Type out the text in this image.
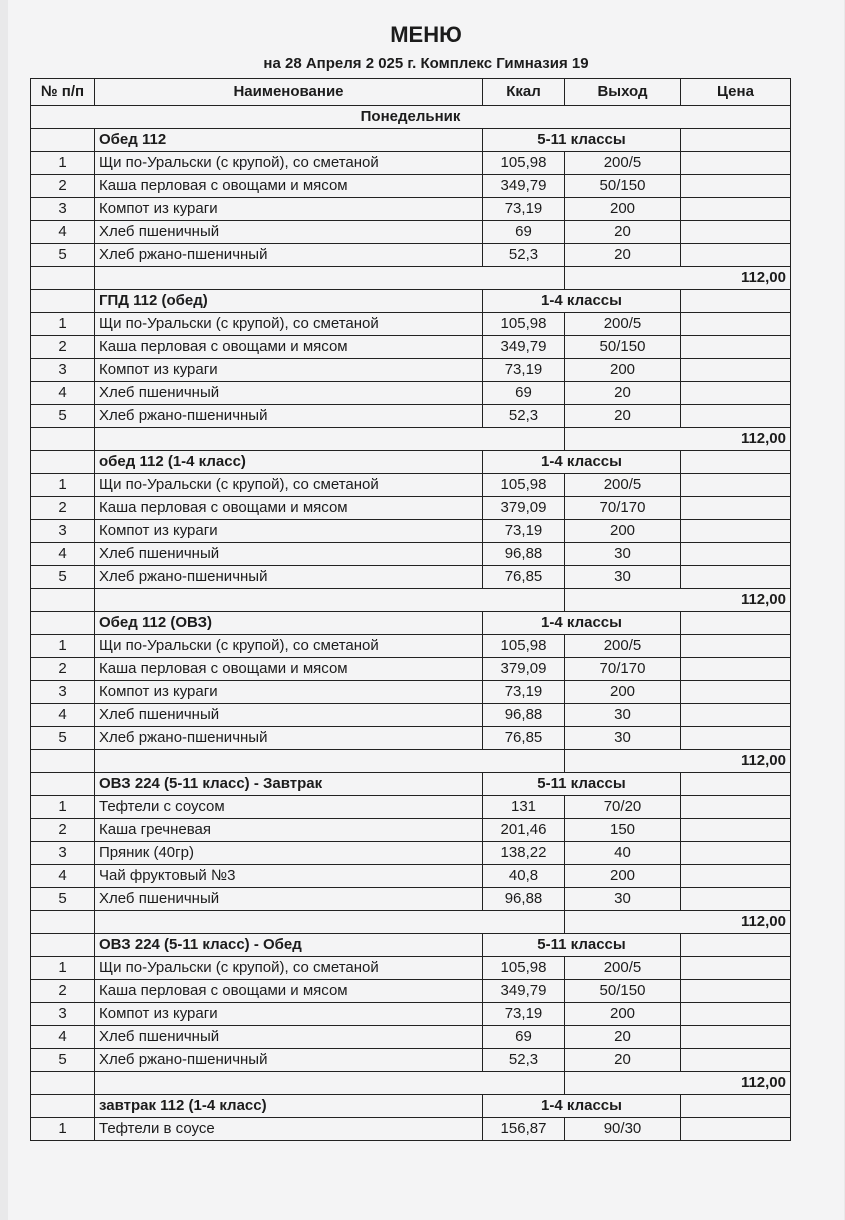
МЕНЮ
на 28 Апреля 2 025 г. Комплекс Гимназия 19
№ п/п	Наименование	Ккал	Выход	Цена
Понедельник				
	Обед 112	5-11 классы		
1	Щи по-Уральски (с крупой), со сметаной	105,98	200/5	
2	Каша перловая с овощами и мясом	349,79	50/150	
3	Компот из кураги	73,19	200	
4	Хлеб пшеничный	69	20	
5	Хлеб ржано-пшеничный	52,3	20	
			112,00	
	ГПД 112 (обед)	1-4 классы		
1	Щи по-Уральски (с крупой), со сметаной	105,98	200/5	
2	Каша перловая с овощами и мясом	349,79	50/150	
3	Компот из кураги	73,19	200	
4	Хлеб пшеничный	69	20	
5	Хлеб ржано-пшеничный	52,3	20	
			112,00	
	обед 112 (1-4 класс)	1-4 классы		
1	Щи по-Уральски (с крупой), со сметаной	105,98	200/5	
2	Каша перловая с овощами и мясом	379,09	70/170	
3	Компот из кураги	73,19	200	
4	Хлеб пшеничный	96,88	30	
5	Хлеб ржано-пшеничный	76,85	30	
			112,00	
	Обед 112 (ОВЗ)	1-4 классы		
1	Щи по-Уральски (с крупой), со сметаной	105,98	200/5	
2	Каша перловая с овощами и мясом	379,09	70/170	
3	Компот из кураги	73,19	200	
4	Хлеб пшеничный	96,88	30	
5	Хлеб ржано-пшеничный	76,85	30	
			112,00	
	ОВЗ 224 (5-11 класс) - Завтрак	5-11 классы		
1	Тефтели с соусом	131	70/20	
2	Каша гречневая	201,46	150	
3	Пряник (40гр)	138,22	40	
4	Чай фруктовый №3	40,8	200	
5	Хлеб пшеничный	96,88	30	
			112,00	
	ОВЗ 224 (5-11 класс) - Обед	5-11 классы		
1	Щи по-Уральски (с крупой), со сметаной	105,98	200/5	
2	Каша перловая с овощами и мясом	349,79	50/150	
3	Компот из кураги	73,19	200	
4	Хлеб пшеничный	69	20	
5	Хлеб ржано-пшеничный	52,3	20	
			112,00	
	завтрак 112 (1-4 класс)	1-4 классы		
1	Тефтели в соусе	156,87	90/30	
